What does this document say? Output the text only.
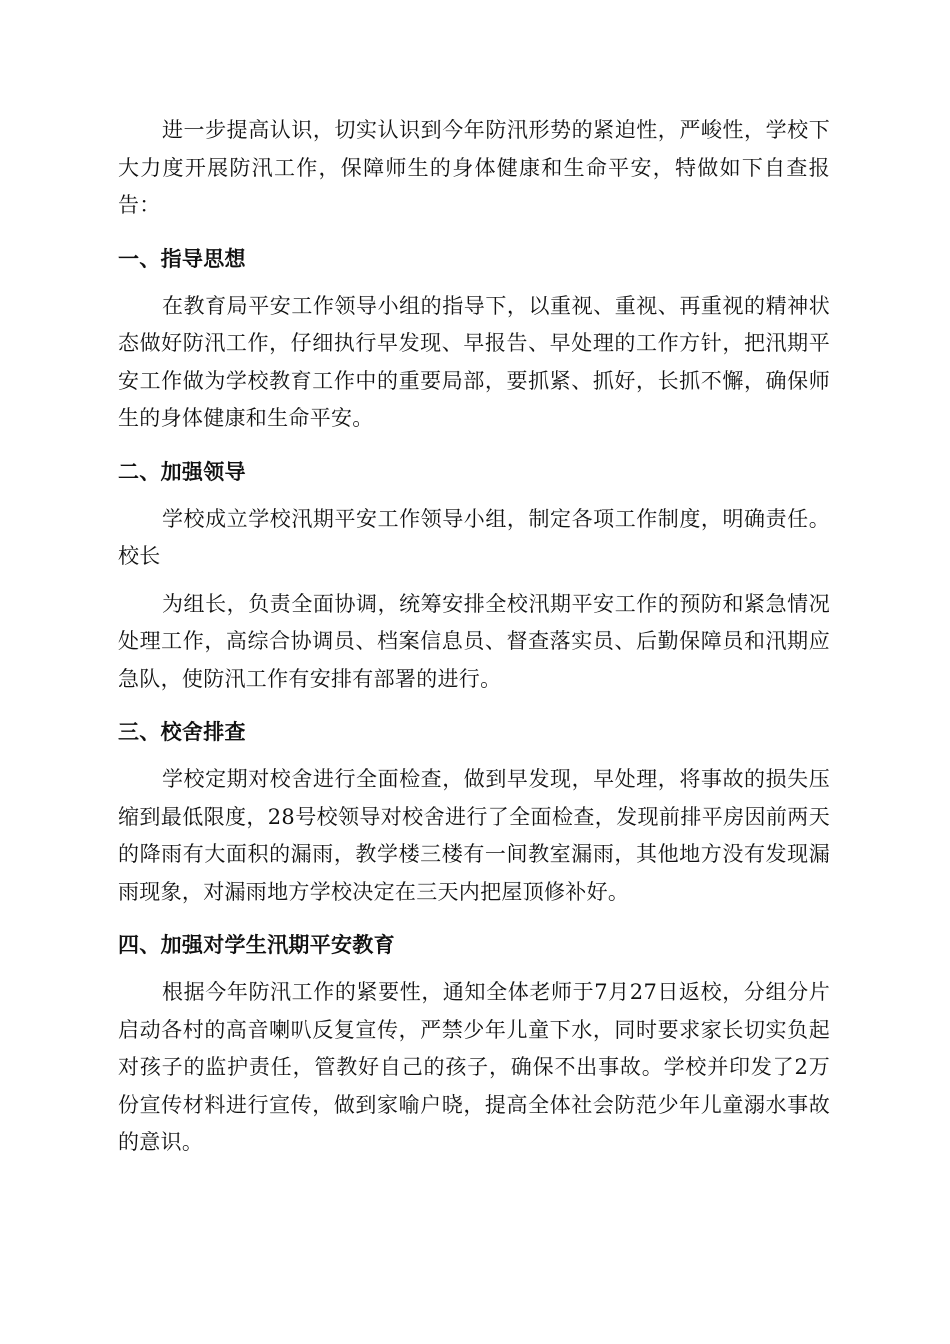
进一步提高认识，切实认识到今年防汛形势的紧迫性，严峻性，学校下大力度开展防汛工作，保障师生的身体健康和生命平安，特做如下自查报告：

一、指导思想

在教育局平安工作领导小组的指导下，以重视、重视、再重视的精神状态做好防汛工作，仔细执行早发现、早报告、早处理的工作方针，把汛期平安工作做为学校教育工作中的重要局部，要抓紧、抓好，长抓不懈，确保师生的身体健康和生命平安。

二、加强领导

学校成立学校汛期平安工作领导小组，制定各项工作制度，明确责任。校长

为组长，负责全面协调，统筹安排全校汛期平安工作的预防和紧急情况处理工作，高综合协调员、档案信息员、督查落实员、后勤保障员和汛期应急队，使防汛工作有安排有部署的进行。

三、校舍排查

学校定期对校舍进行全面检查，做到早发现，早处理，将事故的损失压缩到最低限度，28号校领导对校舍进行了全面检查，发现前排平房因前两天的降雨有大面积的漏雨，教学楼三楼有一间教室漏雨，其他地方没有发现漏雨现象，对漏雨地方学校决定在三天内把屋顶修补好。

四、加强对学生汛期平安教育

根据今年防汛工作的紧要性，通知全体老师于7月27日返校，分组分片启动各村的高音喇叭反复宣传，严禁少年儿童下水，同时要求家长切实负起对孩子的监护责任，管教好自己的孩子，确保不出事故。学校并印发了2万份宣传材料进行宣传，做到家喻户晓，提高全体社会防范少年儿童溺水事故的意识。
